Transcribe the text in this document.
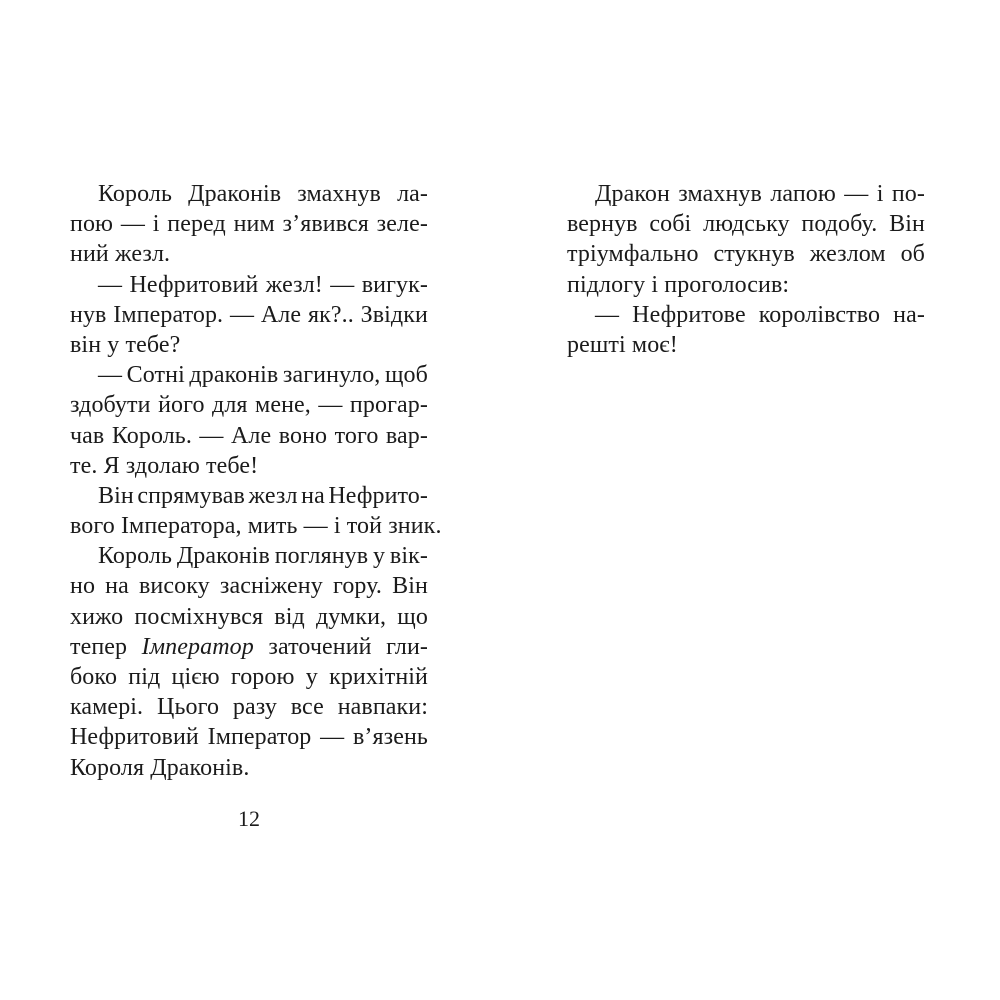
Король Драконів змахнув ла-
пою — і перед ним з’явився зеле-
ний жезл.
— Нефритовий жезл! — вигук-
нув Імператор. — Але як?.. Звідки
він у тебе?
— Сотні драконів загинуло, щоб
здобути його для мене, — прогар-
чав Король. — Але воно того вар-
те. Я здолаю тебе!
Він спрямував жезл на Нефрито-
вого Імператора, мить — і той зник.
Король Драконів поглянув у вік-
но на високу засніжену гору. Він
хижо посміхнувся від думки, що
тепер Імператор заточений гли-
боко під цією горою у крихітній
камері. Цього разу все навпаки:
Нефритовий Імператор — в’язень
Короля Драконів.
Дракон змахнув лапою — і по-
вернув собі людську подобу. Він
тріумфально стукнув жезлом об
підлогу і проголосив:
— Нефритове королівство на-
решті моє!
12
